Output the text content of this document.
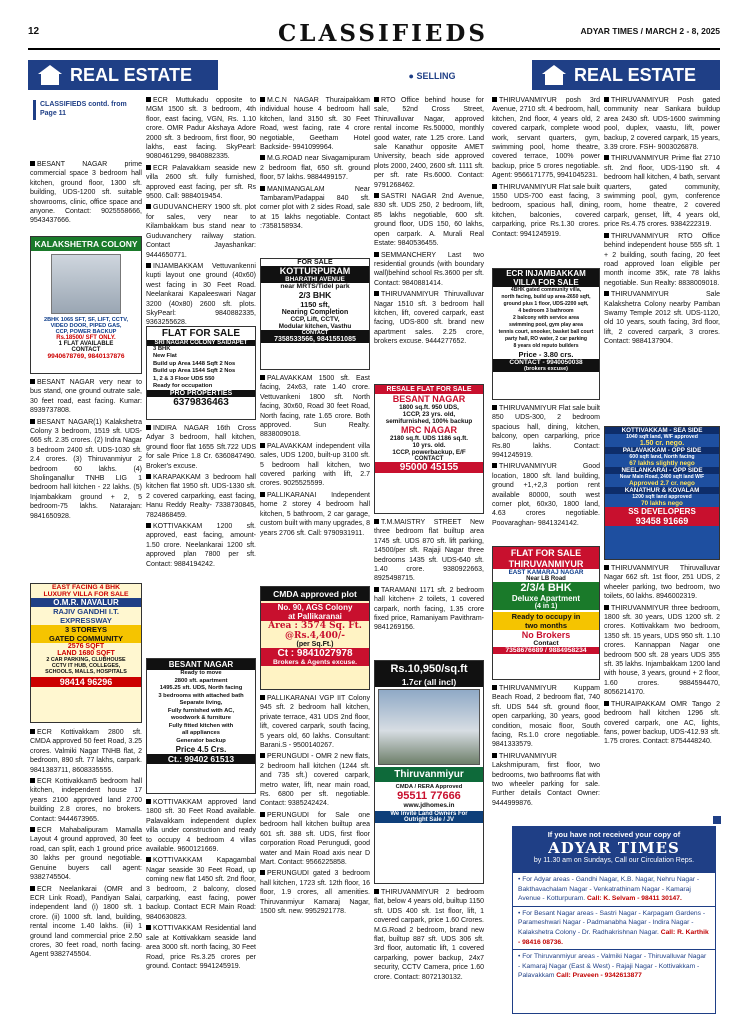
12	CLASSIFIEDS	ADYAR TIMES / MARCH 2 - 8, 2025
REAL ESTATE	● SELLING	REAL ESTATE
CLASSIFIEDS contd. from Page 11

BESANT NAGAR prime commercial space 3 bedroom hall kitchen, ground floor, 1300 sft. building, UDS-1200 sft. suitable showrooms, clinic, office space and anyone. Contact: 9025558666, 9543437666.

KALAKSHETRA COLONY
2BHK 1065 SFT, SF, LIFT, CCTV,
VIDEO DOOR, PIPED GAS,
CCP, POWER BACKUP
Rs.18500/ SFT ONLY.
1 FLAT AVAILABLE
CONTACT
9940678769, 9840137876

BESANT NAGAR very near to bus stand, one ground outrate sale, 30 feet road, east facing. Kumar: 8939737808.

BESANT NAGAR(1) Kalakshetra Colony 3 bedroom, 1519 sft. UDS-665 sft. 2.35 crores. (2) Indra Nagar 3 bedroom 2400 sft. UDS-1030 sft. 2.4 crores. (3) Thiruvanmiyur 2 bedroom 60 lakhs. (4) Sholinganallur TNHB LIG 1 bedroom hall kitchen - 22 lakhs. (5) Injambakkam ground + 2, 5 bedroom-75 lakhs. Natarajan: 9841650928.

EAST FACING 4 BHK
LUXURY VILLA FOR SALE
O.M.R. NAVALUR
RAJIV GANDHI I.T.
EXPRESSWAY
3 STOREYS
GATED COMMUNITY
2576 SQFT
LAND 1680 SQFT
2 CAR PARKING, CLUBHOUSE
CCTV IT HUB, COLLEGES,
SCHOOLS, MALLS, HOSPITALS
98414 96296

ECR Kottivakkam 2800 sft. CMDA approved 50 feet Road, 3.25 crores. Valmiki Nagar TNHB flat, 2 bedroom, 890 sft. 77 lakhs, carpark. 9841383711, 8608335555.

ECR Kottivakkam5 bedroom hall kitchen, independent house 17 years 2100 approved land 2700 building 2.8 crores, no brokers. Contact: 9444673965.

ECR Mahabalipuram Mamalla Layout 4 ground approved, 30 feet road, can split, each 1 ground price 30 lakhs per ground negotiable. Genuine buyers call agent: 9382745504.

ECR Neelankarai (OMR and ECR Link Road), Pandiyan Salai, independent land (i) 1800 sft. 1 crore. (ii) 1000 sft. land, building, rental income 1.40 lakhs. (iii) 1 ground land commercial price 2.50 crores, 30 feet road, north facing. Agent 9382745504.

ECR Muttukadu opposite to MGM 1500 sft. 3 bedroom, 4th floor, east facing, VGN, Rs. 1.10 crore. OMR Padur Akshaya Adore 2000 sft. 3 bedroom, first floor, 90 lakhs, east facing. SkyPearl: 9080461299, 9840882335.

ECR Palavakkam seaside new villa 2600 sft. fully furnished, approved east facing, per sft. Rs 9500. Call: 9884019454.

GUDUVANCHERY 1900 sft. plot for sales, very near to Kilambakkam bus stand near to Guduvanchery railway station. Contact Jayashankar: 9444650771.

INJAMBAKKAM Vettuvankenni kupti layout one ground (40x60) west facing in 30 Feet Road. Neelankarai Kapaleeswari Nagar 3200 (40x80) 2600 sft. plots. SkyPearl: 9840882335, 9363255628.

FLAT FOR SALE
SRI NAGAR COLONY SAIDAPET
3 BHK
New Flat
Build up Area 1448 Sqft 2 Nos
Build up Area 1544 Sqft 2 Nos
1, 2 & 3 Floor UDS 550
Ready for occupation
PRO PROPERTIES
6379836463

INDIRA NAGAR 16th Cross Adyar 3 bedroom, hall kitchen, ground floor flat 1655 Sft.722 UDS for sale Price 1.8 Cr. 6360847490. Broker's excuse.

KARAPAKKAM 3 bedroom hall kitchen flat 1950 sft. UDS-1330 sft. 2 covered carparking, east facing, Hanu Reddy Realty- 7338730845, 7824868459.

KOTTIVAKKAM 1200 sft. approved, east facing, amount-1.50 crore. Neelankarai 1200 sft. approved plan 7800 per sft. Contact: 9884194242.

BESANT NAGAR
Ready to move
2800 sft. apartment
1495.25 sft. UDS, North facing
3 bedrooms with attached bath
Separate living,
Fully furnished with AC,
woodwork & furniture
Fully fitted kitchen with
all appliances
Generator backup
Price 4.5 Crs.
Ct.: 99402 61513

KOTTIVAKKAM approved land 1800 sft. 30 Feet Road available. Palavakkam independent duplex villa under construction and ready to occupy 4 bedroom 4 villas available. 9600121669.

KOTTIVAKKAM Kapagambal Nagar seaside 30 Feet Road, up coming new flat 1450 sft. 2nd floor, 3 bedroom, 2 balcony, closed carparking, east facing, power backup. Contact ECR Main Road: 9840630823.

KOTTIVAKKAM Residential land sale at Kottivakkam seaside land area 3000 sft. north facing, 30 Feet Road, price Rs.3.25 crores per ground. Contact: 9941245919.

M.C.N NAGAR Thuraipakkam individual house 4 bedroom hall kitchen, land 3150 sft. 30 Feet Road, west facing, rate 4 crore negotiable, Geetham Hotel Backside- 9941099964.

M.G.ROAD near Sivagamipuram 2 bedroom flat, 650 sft. ground floor, 57 lakhs. 9884499157.

MANIMANGALAM Near Tambaram/Padappai 840 sft. corner plot with 2 sides Road, sale at 15 lakhs negotiable. Contact :7358158934.

FOR SALE
KOTTURPURAM
BHARATHI AVENUE
near MRTS/Tidel park
2/3 BHK
1150 sft,
Nearing Completion
CCP, Lift, CCTV,
Modular kitchen, Vasthu
CONTACT
7358533566, 9841551085

PALAVAKKAM 1500 sft. East facing, 24x63, rate 1.40 crore. Vettuvankeni 1800 sft. North facing, 30x60, Road 30 feet Road, North facing, rate 1.65 crore. Both approved. Sun Realty. 8838009018.

PALAVAKKAM independent villa sales, UDS 1200, built-up 3100 sft. 5 bedroom hall kitchen, two covered parking with lift, 2.7 crores. 9025525599.

PALLIKARANAI Independent home 2 storey 4 bedroom hall kitchen, 5 bathroom, 2 car garage, custom built with many upgrades, 8 years 2706 sft. Call: 9790931911.

CMDA approved plot
No. 90, AGS Colony
at Pallikaranai
Area : 3574 Sq. Ft.
@Rs.4,400/-
(per Sq.Ft.)
Ct : 9841027978
Brokers & Agents excuse.

PALLIKARANAI VGP IIT Colony 945 sft. 2 bedroom hall kitchen, private terrace, 431 UDS 2nd floor, lift, covered carpark, south facing, 5 years old, 60 lakhs. Consultant: Barani.S - 9500140267.

PERUNGUDI - OMR 2 new flats, 2 bedroom hall kitchen (1244 sft. and 735 sft.) covered carpark, metro water, lift, near main road, Rs. 6800 per sft. negotiable. Contact: 9385242424.

PERUNGUDI for Sale one bedroom hall kitchen builtup area 601 sft. 388 sft. UDS, first floor corporation Road Perungudi, good water and Main Road axis near D Mart. Contact: 9566225858.

PERUNGUDI gated 3 bedroom hall kitchen, 1723 sft. 12th floor, 16 floor, 1.9 crores, all amenities. Thiruvanmiyur Kamaraj Nagar, 1500 sft. new. 9952921778.

RTO Office behind house for sale, 52nd Cross Street, Thiruvalluvar Nagar, approved rental income Rs.50000, monthly good water, rate 1.25 crore. Land sale Kanathur opposite AMET University, beach side approved plots 2000, 2400, 2600 sft. 1111 sft. per sft. rate Rs.6000. Contact: 9791268462.

SASTRI NAGAR 2nd Avenue, 830 sft. UDS 250, 2 bedroom, lift, 85 lakhs negotiable, 600 sft. ground floor, UDS 150, 60 lakhs, open carpark. A. Murali Real Estate: 9840536455.

SEMMANCHERY Last two residential grounds (with boundary wall)behind school Rs.3600 per sft. Contact: 9840881414.

THIRUVANMIYUR Thiruvalluvar Nagar 1510 sft. 3 bedroom hall kitchen, lift, covered carpark, east facing, UDS-800 sft. brand new apartment sales. 2.25 crore, brokers excuse. 9444277652.

RESALE FLAT FOR SALE
BESANT NAGAR
1800 sq.ft. 950 UDS,
1CCP, 23 yrs. old,
semifurnished, 100% backup
MRC NAGAR
2180 sq.ft. UDS 1186 sq.ft.
10 yrs. old.
1CCP, powerbackup, E/F
CONTACT
95000 45155

T.M.MAISTRY STREET New three bedroom flat builtup area 1745 sft. UDS 870 sft. lift parking, 14500/per sft. Rajaji Nagar three bedrooms 1435 sft. UDS-640 sft. 1.40 crore. 9380922663, 8925498715.

TARAMANI 1171 sft. 2 bedroom hall kitchen+ 2 toilets, 1 covered carpark, north facing, 1.35 crore fixed price, Ramaniyam Pavithram- 9841269156.

Rs.10,950/sq.ft
1.7cr (all incl)
Thiruvanmiyur
CMDA / RERA Approved
95511 77666
www.jdhomes.in
We Invite Land Owners For
Outright Sale / JV

THIRUVANMIYUR 2 bedroom flat, below 4 years old, builtup 1150 sft. UDS 400 sft. 1st floor, lift, 1 covered carpark, price 1.60 Crores. M.G.Road 2 bedroom, brand new flat, builtup 887 sft. UDS 306 sft. 3rd floor, automatic lift, 1 covered carparking, power backup, 24x7 security, CCTV Camera, price 1.60 crore. Contact: 8072130132.

THIRUVANMIYUR posh 3rd Avenue, 2710 sft. 4 bedroom, hall, kitchen, 2nd floor, 4 years old, 2 covered carpark, complete wood work, servant quarters, gym, swimming pool, home theatre, covered terrace, 100% power backup, price 5 crores negotiable. Agent: 9566171775, 9941045231.

THIRUVANMIYUR Flat sale built 1550 UDS-700 east facing, 3 bedroom, spacious hall, dining, kitchen, balconies, covered carparking, price Rs.1.30 crores. Contact: 9941245919.

ECR INJAMBAKKAM
VILLA FOR SALE
4BHK gated community villa,
north facing, build up area-2650 sqft,
ground plus 1 floor, UDS-2200 sqft,
4 bedroom 3 bathroom
2 balcony with service area
swimming pool, gym play area
tennis court, snooker, basket ball court
party hall, RO water, 2 car parking
8 years old reputo builders
Price - 3.80 crs.
CONTACT - 9940050038
(brokers excuse)

THIRUVANMIYUR Flat sale built 850 UDS-300, 2 bedroom spacious hall, dining, kitchen, balcony, open carparking, price Rs.80 lakhs. Contact: 9941245919.

THIRUVANMIYUR Good location, 1800 sft. land building, ground +1,+2,3 portion rent available 80000, south west corner plot, 60x30, 1800 land, 4.63 crores negotiable. Poovaraghan- 9841324142.

FLAT FOR SALE
THIRUVANMIYUR
EAST KAMARAJ NAGAR
Near LB Road
2/3/4 BHK
Deluxe Apartment
(4 in 1)
Ready to occupy in
two months
No Brokers
Contact
7358676689 / 9884958234

THIRUVANMIYUR Kuppam Beach Road, 2 bedroom flat, 740 sft. UDS 544 sft. ground floor, open carparking, 30 years, good condition, mosaic floor, South facing, Rs.1.0 crore negotiable. 9841333579.

THIRUVANMIYUR Lakshmipuram, first floor, two bedrooms, two bathrooms flat with two wheeler parking for sale. Further details Contact Owner: 9444999876.

THIRUVANMIYUR Posh gated community near Sankara buildup area 2430 sft. UDS-1600 swimming pool, duplex, vaastu, lift, power backup, 2 covered carpark, 15 years, 3.39 crore. FSH- 9003026878.

THIRUVANMIYUR Prime flat 2710 sft. 2nd floor, UDS-1190 sft. 4 bedroom hall kitchen, 4 bath, servant quarters, gated community, swimming pool, gym, conference room, home theatre, 2 covered carpark, genset, lift, 4 years old, price Rs.4.75 crores. 9384222319.

THIRUVANMIYUR RTO Office behind independent house 555 sft. 1 + 2 building, south facing, 20 feet road approved loan eligible per month income 35K, rate 78 lakhs negotiable. Sun Realty: 8838009018.

THIRUVANMIYUR Sale Kalakshetra Colony nearby Pamban Swamy Temple 2012 sft. UDS-1120, old 10 years, south facing, 3rd floor, lift, 2 covered carpark, 3 crores. Contact: 9884137904.

KOTTIVAKKAM - SEA SIDE
1040 sqft land, W/F approved
1.50 cr. nego.
PALAVAKKAM - OPP SIDE
600 sqft land, North facing
67 lakhs slightly nego
NEELANKARAI - OPP SIDE
Near Main Road, 2400 sqft land W/F
Approved 2.7 cr. nego
KANATHUR & KOVALAM
1200 sqft land approved
70 lakhs nego
SS DEVELOPERS
93458 91669

THIRUVANMIYUR Thiruvalluvar Nagar 662 sft. 1st floor, 251 UDS, 2 wheeler parking, two bedroom, two toilets, 60 lakhs. 8946002319.

THIRUVANMIYUR three bedroom, 1800 sft. 30 years, UDS 1200 sft. 2 crores. Kottivakkam two bedroom, 1350 sft. 15 years, UDS 950 sft. 1.10 crores. Kannappan Nagar one bedroom 500 sft. 28 years UDS 355 sft. 35 lakhs. Injambakkam 1200 land with house, 3 years, ground + 2 floor, 1.60 crores. 9884594470, 8056214170.

THURAIPAKKAM OMR Tango 2 bedroom hall kitchen 1296 sft. covered carpark, one AC, lights, fans, power backup, UDS-412.93 sft. 1.75 crores. Contact: 8754448240.

If you have not received your copy of
ADYAR TIMES
by 11.30 am on Sundays, Call our Circulation Reps.
• For Adyar areas - Gandhi Nagar, K.B. Nagar, Nehru Nagar - Bakthavachalam Nagar - Venkatrathinam Nagar - Kamaraj Avenue - Kotturpuram. Call: K. Selvam - 98411 30147.
• For Besant Nagar areas - Sastri Nagar - Karpagam Gardens - Parameshwari Nagar - Padmanabha Nagar - Indira Nagar - Kalakshetra Colony - Dr. Radhakrishnan Nagar. Call: R. Karthik - 98416 08736.
• For Thiruvanmiyur areas - Valmiki Nagar - Thiruvalluvar Nagar - Kamaraj Nagar (East & West) - Rajaji Nagar - Kottivakkam - Palavakkam Call: Praveen - 9342613877
